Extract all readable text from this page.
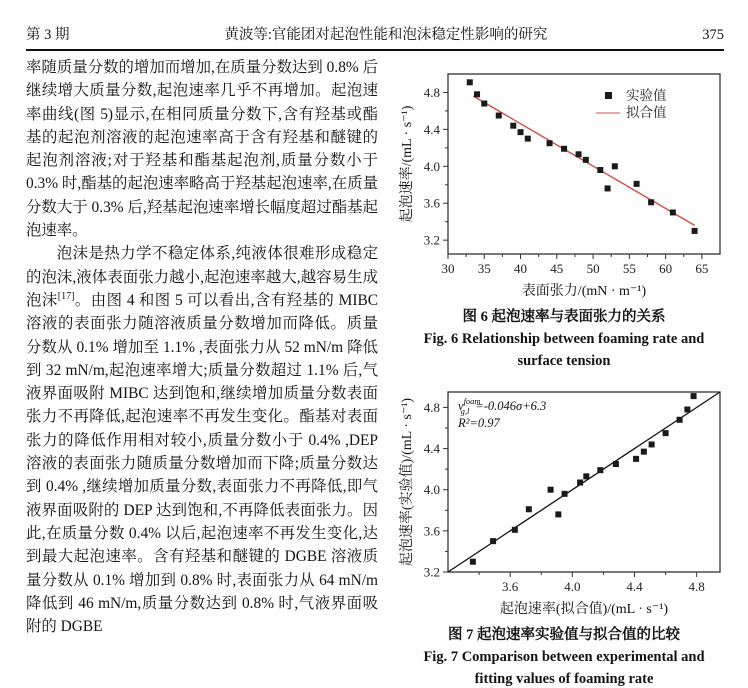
第 3 期	黄波等:官能团对起泡性能和泡沫稳定性影响的研究	375

率随质量分数的增加而增加,在质量分数达到 0.8% 后继续增大质量分数,起泡速率几乎不再增加。起泡速率曲线(图 5)显示,在相同质量分数下,含有羟基或酯基的起泡剂溶液的起泡速率高于含有羟基和醚键的起泡剂溶液;对于羟基和酯基起泡剂,质量分数小于 0.3% 时,酯基的起泡速率略高于羟基起泡速率,在质量分数大于 0.3% 后,羟基起泡速率增长幅度超过酯基起泡速率。

泡沫是热力学不稳定体系,纯液体很难形成稳定的泡沫,液体表面张力越小,起泡速率越大,越容易生成泡沫[17]。由图 4 和图 5 可以看出,含有羟基的 MIBC 溶液的表面张力随溶液质量分数增加而降低。质量分数从 0.1% 增加至 1.1% ,表面张力从 52 mN/m 降低到 32 mN/m,起泡速率增大;质量分数超过 1.1% 后,气液界面吸附 MIBC 达到饱和,继续增加质量分数表面张力不再降低,起泡速率不再发生变化。酯基对表面张力的降低作用相对较小,质量分数小于 0.4% ,DEP 溶液的表面张力随质量分数增加而下降;质量分数达到 0.4% ,继续增加质量分数,表面张力不再降低,即气液界面吸附的 DEP 达到饱和,不再降低表面张力。因此,在质量分数 0.4% 以后,起泡速率不再发生变化,达到最大起泡速率。含有羟基和醚键的 DGBE 溶液质量分数从 0.1% 增加到 0.8% 时,表面张力从 64 mN/m 降低到 46 mN/m,质量分数达到 0.8% 时,气液界面吸附的 DGBE

30 35 40 45 50 55 60 65
3.2
3.6
4.0
4.4
4.8
表面张力/(mN · m⁻¹)
起泡速率/(mL · s⁻¹)
实验值
拟合值
图 6 起泡速率与表面张力的关系
Fig. 6 Relationship between foaming rate and
surface tension
3.6	4.0	4.4	4.8
3.2
3.6
4.0
4.4
4.8
起泡速率(拟合值)/(mL · s⁻¹)
起泡速率(实验值)/(mL · s⁻¹)	$v^{foam}$ g,l =-0.046σ+6.3
R²=0.97
图 7 起泡速率实验值与拟合值的比较
Fig. 7 Comparison between experimental and
fitting values of foaming rate
